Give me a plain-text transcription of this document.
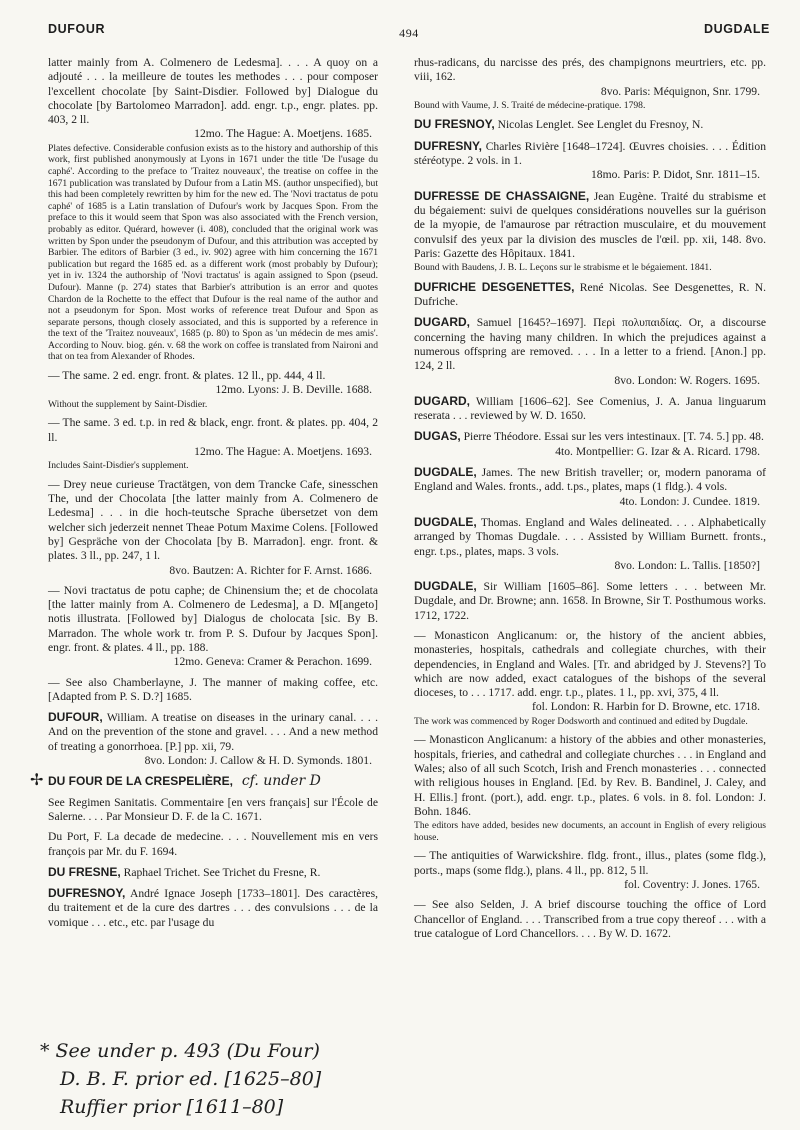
DUFOUR	494	DUGDALE

latter mainly from A. Colmenero de Ledesma]. . . . A quoy on a adjouté . . . la meilleure de toutes les methodes . . . pour composer l'excellent chocolate [by Saint-Disdier. Followed by] Dialogue du chocolate [by Bartolomeo Marradon]. add. engr. t.p., engr. plates. pp. 403, 2 ll.

12mo. The Hague: A. Moetjens. 1685.
Plates defective. Considerable confusion exists as to the history and authorship of this work, first published anonymously at Lyons in 1671 under the title 'De l'usage du caphé'. According to the preface to 'Traitez nouveaux', the treatise on coffee in the 1671 publication was translated by Dufour from a Latin MS. (author unspecified), but this had been completely rewritten by him for the new ed. The 'Novi tractatus de potu caphé' of 1685 is a Latin translation of Dufour's work by Jacques Spon. From the preface to this it would seem that Spon was also associated with the French version, probably as editor. Quérard, however (i. 408), concluded that the original work was written by Spon under the pseudonym of Dufour, and this attribution was accepted by Barbier. The editors of Barbier (3 ed., iv. 902) agree with him concerning the 1671 publication but regard the 1685 ed. as a different work (most probably by Dufour); yet in iv. 1324 the authorship of 'Novi tractatus' is again assigned to Spon (pseud. Dufour). Manne (p. 274) states that Barbier's attribution is an error and quotes Chardon de la Rochette to the effect that Dufour is the real name of the author and not a pseudonym for Spon. Most works of reference treat Dufour and Spon as separate persons, though closely associated, and this is supported by a reference in the text of the 'Traitez nouveaux', 1685 (p. 80) to Spon as 'un médecin de mes amis'. According to Nouv. biog. gén. v. 68 the work on coffee is translated from Naironi and that on tea from Alexander of Rhodes.

— The same. 2 ed. engr. front. & plates. 12 ll., pp. 444, 4 ll.

12mo. Lyons: J. B. Deville. 1688.
Without the supplement by Saint-Disdier.

— The same. 3 ed. t.p. in red & black, engr. front. & plates. pp. 404, 2 ll.

12mo. The Hague: A. Moetjens. 1693.
Includes Saint-Disdier's supplement.

— Drey neue curieuse Tractätgen, von dem Trancke Cafe, sinesschen The, und der Chocolata [the latter mainly from A. Colmenero de Ledesma] . . . in die hoch-teutsche Sprache übersetzet von dem welcher sich jederzeit nennet Theae Potum Maxime Colens. [Followed by] Gespräche von der Chocolata [by B. Marradon]. engr. front. & plates. 3 ll., pp. 247, 1 l.

8vo. Bautzen: A. Richter for F. Arnst. 1686.

— Novi tractatus de potu caphe; de Chinensium the; et de chocolata [the latter mainly from A. Colmenero de Ledesma], a D. M[angeto] notis illustrata. [Followed by] Dialogus de cholocata [sic. By B. Marradon. The whole work tr. from P. S. Dufour by Jacques Spon]. engr. front. & plates. 4 ll., pp. 188.

12mo. Geneva: Cramer & Perachon. 1699.

— See also Chamberlayne, J. The manner of making coffee, etc. [Adapted from P. S. D.?] 1685.

DUFOUR, William. A treatise on diseases in the urinary canal. . . . And on the prevention of the stone and gravel. . . . And a new method of treating a gonorrhoea. [P.] pp. xii, 79.

8vo. London: J. Callow & H. D. Symonds. 1801.

DU FOUR DE LA CRESPELIÈRE, cf. under D

✢

See Regimen Sanitatis. Commentaire [en vers français] sur l'École de Salerne. . . . Par Monsieur D. F. de la C. 1671.

Du Port, F. La decade de medecine. . . . Nouvellement mis en vers françois par Mr. du F. 1694.

DU FRESNE, Raphael Trichet. See Trichet du Fresne, R.

DUFRESNOY, André Ignace Joseph [1733–1801]. Des caractères, du traitement et de la cure des dartres . . . des convulsions . . . de la vomique . . . etc., etc. par l'usage du

rhus-radicans, du narcisse des prés, des champignons meurtriers, etc. pp. viii, 162.

8vo. Paris: Méquignon, Snr. 1799.
Bound with Vaume, J. S. Traité de médecine-pratique. 1798.

DU FRESNOY, Nicolas Lenglet. See Lenglet du Fresnoy, N.

DUFRESNY, Charles Rivière [1648–1724]. Œuvres choisies. . . . Édition stéréotype. 2 vols. in 1.

18mo. Paris: P. Didot, Snr. 1811–15.

DUFRESSE DE CHASSAIGNE, Jean Eugène. Traité du strabisme et du bégaiement: suivi de quelques considérations nouvelles sur la guérison de la myopie, de l'amaurose par rétraction musculaire, et du mouvement convulsif des yeux par la division des muscles de l'œil. pp. xii, 148. 8vo. Paris: Gazette des Hôpitaux. 1841.

Bound with Baudens, J. B. L. Leçons sur le strabisme et le bégaiement. 1841.

DUFRICHE DESGENETTES, René Nicolas. See Desgenettes, R. N. Dufriche.

DUGARD, Samuel [1645?–1697]. Περὶ πολυπαιδίας. Or, a discourse concerning the having many children. In which the prejudices against a numerous offspring are removed. . . . In a letter to a friend. [Anon.] pp. 124, 2 ll.

8vo. London: W. Rogers. 1695.

DUGARD, William [1606–62]. See Comenius, J. A. Janua linguarum reserata . . . reviewed by W. D. 1650.

DUGAS, Pierre Théodore. Essai sur les vers intestinaux. [T. 74. 5.] pp. 48.

4to. Montpellier: G. Izar & A. Ricard. 1798.

DUGDALE, James. The new British traveller; or, modern panorama of England and Wales. fronts., add. t.ps., plates, maps (1 fldg.). 4 vols.

4to. London: J. Cundee. 1819.

DUGDALE, Thomas. England and Wales delineated. . . . Alphabetically arranged by Thomas Dugdale. . . . Assisted by William Burnett. fronts., engr. t.ps., plates, maps. 3 vols.

8vo. London: L. Tallis. [1850?]

DUGDALE, Sir William [1605–86]. Some letters . . . between Mr. Dugdale, and Dr. Browne; ann. 1658. In Browne, Sir T. Posthumous works. 1712, 1722.

— Monasticon Anglicanum: or, the history of the ancient abbies, monasteries, hospitals, cathedrals and collegiate churches, with their dependencies, in England and Wales. [Tr. and abridged by J. Stevens?] To which are now added, exact catalogues of the bishops of the several dioceses, to . . . 1717. add. engr. t.p., plates. 1 l., pp. xvi, 375, 4 ll.

fol. London: R. Harbin for D. Browne, etc. 1718.
The work was commenced by Roger Dodsworth and continued and edited by Dugdale.

— Monasticon Anglicanum: a history of the abbies and other monasteries, hospitals, frieries, and cathedral and collegiate churches . . . in England and Wales; also of all such Scotch, Irish and French monasteries . . . connected with religious houses in England. [Ed. by Rev. B. Bandinel, J. Caley, and H. Ellis.] front. (port.), add. engr. t.p., plates. 6 vols. in 8. fol. London: J. Bohn. 1846.

The editors have added, besides new documents, an account in English of every religious house.

— The antiquities of Warwickshire. fldg. front., illus., plates (some fldg.), ports., maps (some fldg.), plans. 4 ll., pp. 812, 5 ll.

fol. Coventry: J. Jones. 1765.

— See also Selden, J. A brief discourse touching the office of Lord Chancellor of England. . . . Transcribed from a true copy thereof . . . with a true catalogue of Lord Chancellors. . . . By W. D. 1672.

* See under p. 493 (Du Four)
D. B. F. prior ed. [1625–80]
Ruffier prior [1611–80]
